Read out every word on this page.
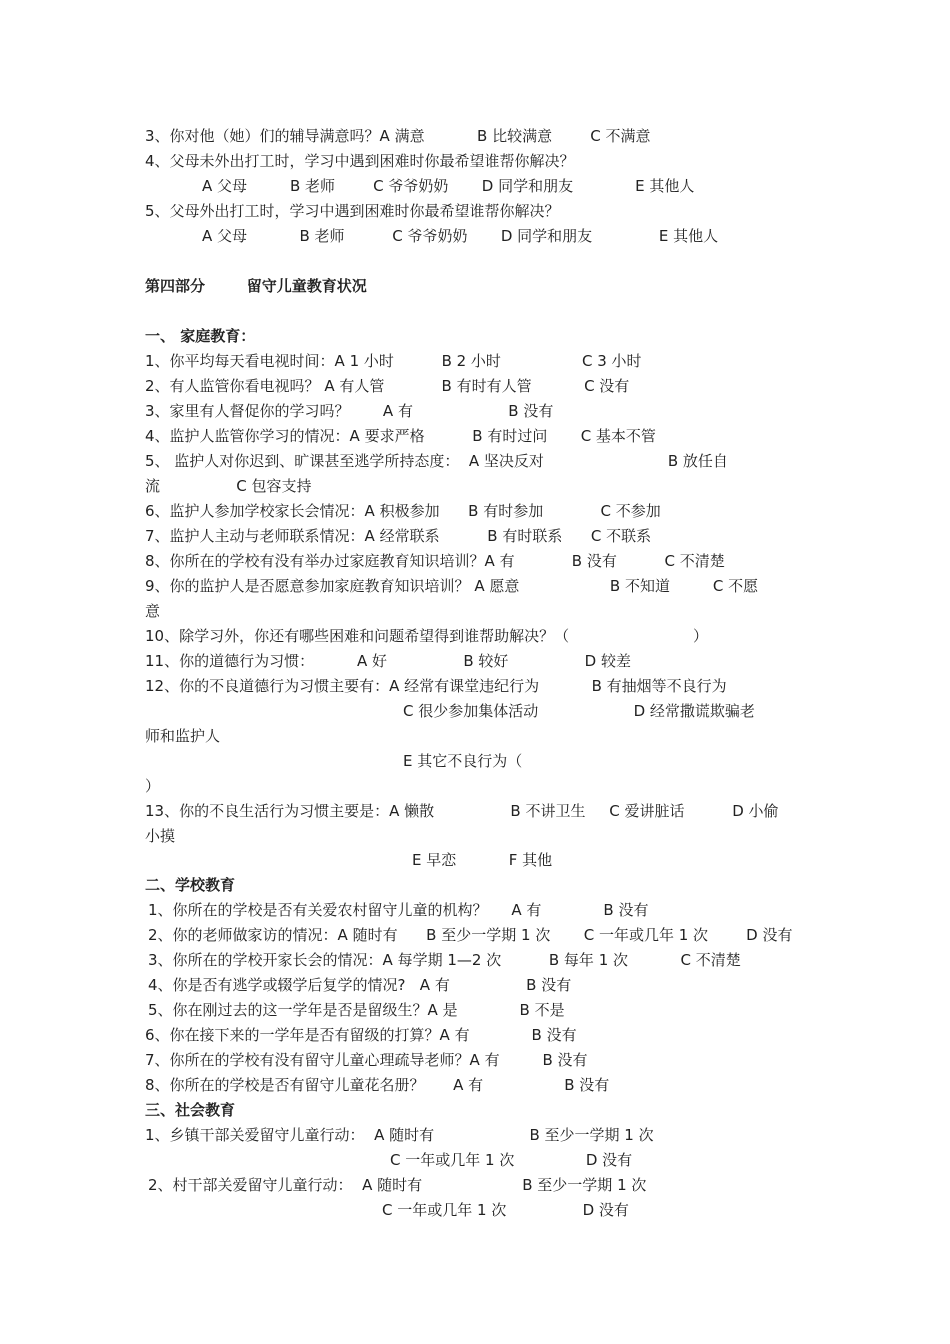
3、你对他（她）们的辅导满意吗？A 满意           B 比较满意        C 不满意
4、父母未外出打工时，学习中遇到困难时你最希望谁帮你解决？
A 父母         B 老师        C 爷爷奶奶       D 同学和朋友             E 其他人
5、父母外出打工时，学习中遇到困难时你最希望谁帮你解决？
A 父母           B 老师          C 爷爷奶奶       D 同学和朋友              E 其他人
第四部分        留守儿童教育状况
一、 家庭教育：
1、你平均每天看电视时间：A 1 小时          B 2 小时                 C 3 小时
2、有人监管你看电视吗？ A 有人管            B 有时有人管           C 没有
3、家里有人督促你的学习吗？       A 有                    B 没有
4、监护人监管你学习的情况：A 要求严格          B 有时过问       C 基本不管
5、 监护人对你迟到、旷课甚至逃学所持态度：  A 坚决反对                          B 放任自
流                C 包容支持
6、监护人参加学校家长会情况：A 积极参加      B 有时参加            C 不参加
7、监护人主动与老师联系情况：A 经常联系          B 有时联系      C 不联系
8、你所在的学校有没有举办过家庭教育知识培训？A 有            B 没有          C 不清楚
9、你的监护人是否愿意参加家庭教育知识培训？ A 愿意                   B 不知道         C 不愿
意
10、除学习外，你还有哪些困难和问题希望得到谁帮助解决？（                          ）
11、你的道德行为习惯：         A 好                B 较好                D 较差
12、你的不良道德行为习惯主要有：A 经常有课堂违纪行为           B 有抽烟等不良行为
C 很少参加集体活动                    D 经常撒谎欺骗老
师和监护人
E 其它不良行为（
）
13、你的不良生活行为习惯主要是：A 懒散                B 不讲卫生     C 爱讲脏话          D 小偷
小摸
E 早恋           F 其他
二、学校教育
1、你所在的学校是否有关爱农村留守儿童的机构？     A 有             B 没有
2、你的老师做家访的情况：A 随时有      B 至少一学期 1 次       C 一年或几年 1 次        D 没有
3、你所在的学校开家长会的情况：A 每学期 1—2 次          B 每年 1 次           C 不清楚
4、你是否有逃学或辍学后复学的情况?   A 有                B 没有
5、你在刚过去的这一学年是否是留级生？A 是             B 不是
6、你在接下来的一学年是否有留级的打算？A 有             B 没有
7、你所在的学校有没有留守儿童心理疏导老师？A 有         B 没有
8、你所在的学校是否有留守儿童花名册？      A 有                 B 没有
三、社会教育
1、乡镇干部关爱留守儿童行动：  A 随时有                    B 至少一学期 1 次
C 一年或几年 1 次               D 没有
2、村干部关爱留守儿童行动：  A 随时有                     B 至少一学期 1 次
C 一年或几年 1 次                D 没有
